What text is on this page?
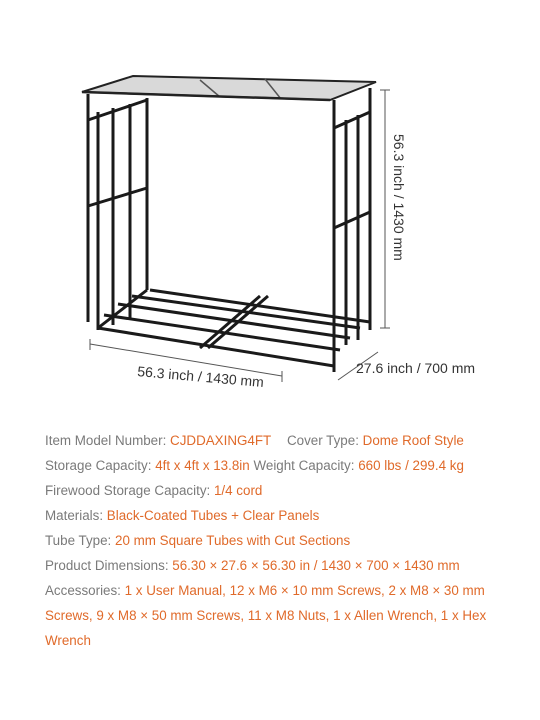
56.3 inch / 1430 mm	27.6 inch / 700 mm
56.3 inch / 1430 mm
Item Model Number: CJDDAXING4FT Cover Type: Dome Roof Style
Storage Capacity: 4ft x 4ft x 13.8in Weight Capacity: 660 lbs / 299.4 kg
Firewood Storage Capacity: 1/4 cord
Materials: Black-Coated Tubes + Clear Panels
Tube Type: 20 mm Square Tubes with Cut Sections
Product Dimensions: 56.30 × 27.6 × 56.30 in / 1430 × 700 × 1430 mm
Accessories: 1 x User Manual, 12 x M6 × 10 mm Screws, 2 x M8 × 30 mm Screws, 9 x M8 × 50 mm Screws, 11 x M8 Nuts, 1 x Allen Wrench, 1 x Hex Wrench
